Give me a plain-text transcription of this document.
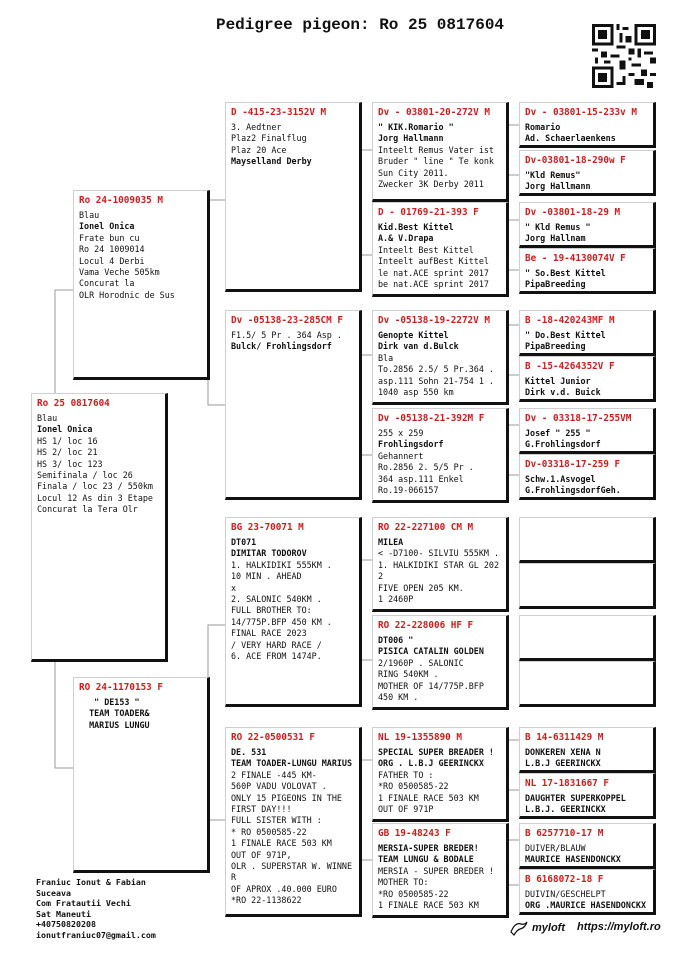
Pedigree pigeon: Ro 25 0817604
Ro 25 0817604
Blau
Ionel Onica
HS 1/ loc 16
HS 2/ loc 21
HS 3/ loc 123
Semifinala / loc 26
Finala / loc 23 / 550km
Locul 12 As din 3 Etape
Concurat la Tera Olr
Ro 24-1009035 M
Blau
Ionel Onica
Frate bun cu
Ro 24 1009014
Locul 4 Derbi
Vama Veche 505km
Concurat la
OLR Horodnic de Sus
RO 24-1170153 F
" DE153 "
TEAM TOADER&
MARIUS LUNGU
D -415-23-3152V M
3. Aedtner
Plaz2 Finalflug
Plaz 20 Ace
Mayselland Derby
Dv -05138-23-285CM F
F1.5/ 5 Pr . 364 Asp .
Bulck/ Frohlingsdorf
BG 23-70071 M
DT071
DIMITAR TODOROV
1. HALKIDIKI 555KM .
10 MIN . AHEAD
x
2. SALONIC 540KM .
FULL BROTHER TO:
14/775P.BFP 450 KM .
FINAL RACE 2023
/ VERY HARD RACE /
6. ACE FROM 1474P.
RO 22-0500531 F
DE. 531
TEAM TOADER-LUNGU MARIUS
2 FINALE -445 KM-
560P VADU VOLOVAT .
ONLY 15 PIGEONS IN THE
FIRST DAY!!!
FULL SISTER WITH :
* RO 0500585-22
1 FINALE RACE 503 KM
OUT OF 971P,
OLR . SUPERSTAR W. WINNE
R
OF APROX .40.000 EURO
*RO 22-1138622
Dv - 03801-20-272V M
" KIK.Romario "
Jorg Hallmann
Inteelt Remus Vater ist
Bruder " line " Te konk
Sun City 2011.
Zwecker 3K Derby 2011
D - 01769-21-393 F
Kid.Best Kittel
A.& V.Drapa
Inteelt Best Kittel
Inteelt aufBest Kittel
le nat.ACE sprint 2017
be nat.ACE sprint 2017
Dv -05138-19-2272V M
Genopte Kittel
Dirk van d.Bulck
Bla
To.2856 2.5/ 5 Pr.364 .
asp.111 Sohn 21-754 1 .
1040 asp 550 km
Dv -05138-21-392M F
255 x 259
Frohlingsdorf
Gehannert
Ro.2856 2. 5/5 Pr .
364 asp.111 Enkel
Ro.19-066157
RO 22-227100 CM M
MILEA
< -D7100- SILVIU 555KM .
1. HALKIDIKI STAR GL 202
2
FIVE OPEN 205 KM.
1 2460P
RO 22-228006 HF F
DT006 "
PISICA CATALIN GOLDEN
2/1960P . SALONIC
RING 540KM .
MOTHER OF 14/775P.BFP
450 KM .
NL 19-1355890 M
SPECIAL SUPER BREADER !
ORG . L.B.J GEERINCKX
FATHER TO :
*RO 0500585-22
1 FINALE RACE 503 KM
OUT OF 971P
GB 19-48243 F
MERSIA-SUPER BREDER!
TEAM LUNGU & BODALE
MERSIA - SUPER BREDER !
MOTHER TO:
*RO 0500585-22
1 FINALE RACE 503 KM
Dv - 03801-15-233v M
Romario
Ad. Schaerlaenkens
Dv-03801-18-290w F
"Kld Remus"
Jorg Hallmann
Dv -03801-18-29 M
" Kld Remus "
Jorg Hallnam
Be - 19-4130074V F
" So.Best Kittel
PipaBreeding
B -18-420243MF M
" Do.Best Kittel
PipaBreeding
B -15-4264352V F
Kittel Junior
Dirk v.d. Buick
Dv - 03318-17-255VM
Josef " 255 "
G.Frohlingsdorf
Dv-03318-17-259 F
Schw.1.Asvogel
G.FrohlingsdorfGeh.
B 14-6311429 M
DONKEREN XENA N
L.B.J GEERINCKX
NL 17-1831667 F
DAUGHTER SUPERKOPPEL
L.B.J. GEERINCKX
B 6257710-17 M
DUIVER/BLAUW
MAURICE HASENDONCKX
B 6168072-18 F
DUIVIN/GESCHELPT
ORG .MAURICE HASENDONCKX
Franiuc Ionut & Fabian
Suceava
Com Fratautii Vechi
Sat Maneuti
+40750820208
ionutfraniuc07@gmail.com
myloft https://myloft.ro
